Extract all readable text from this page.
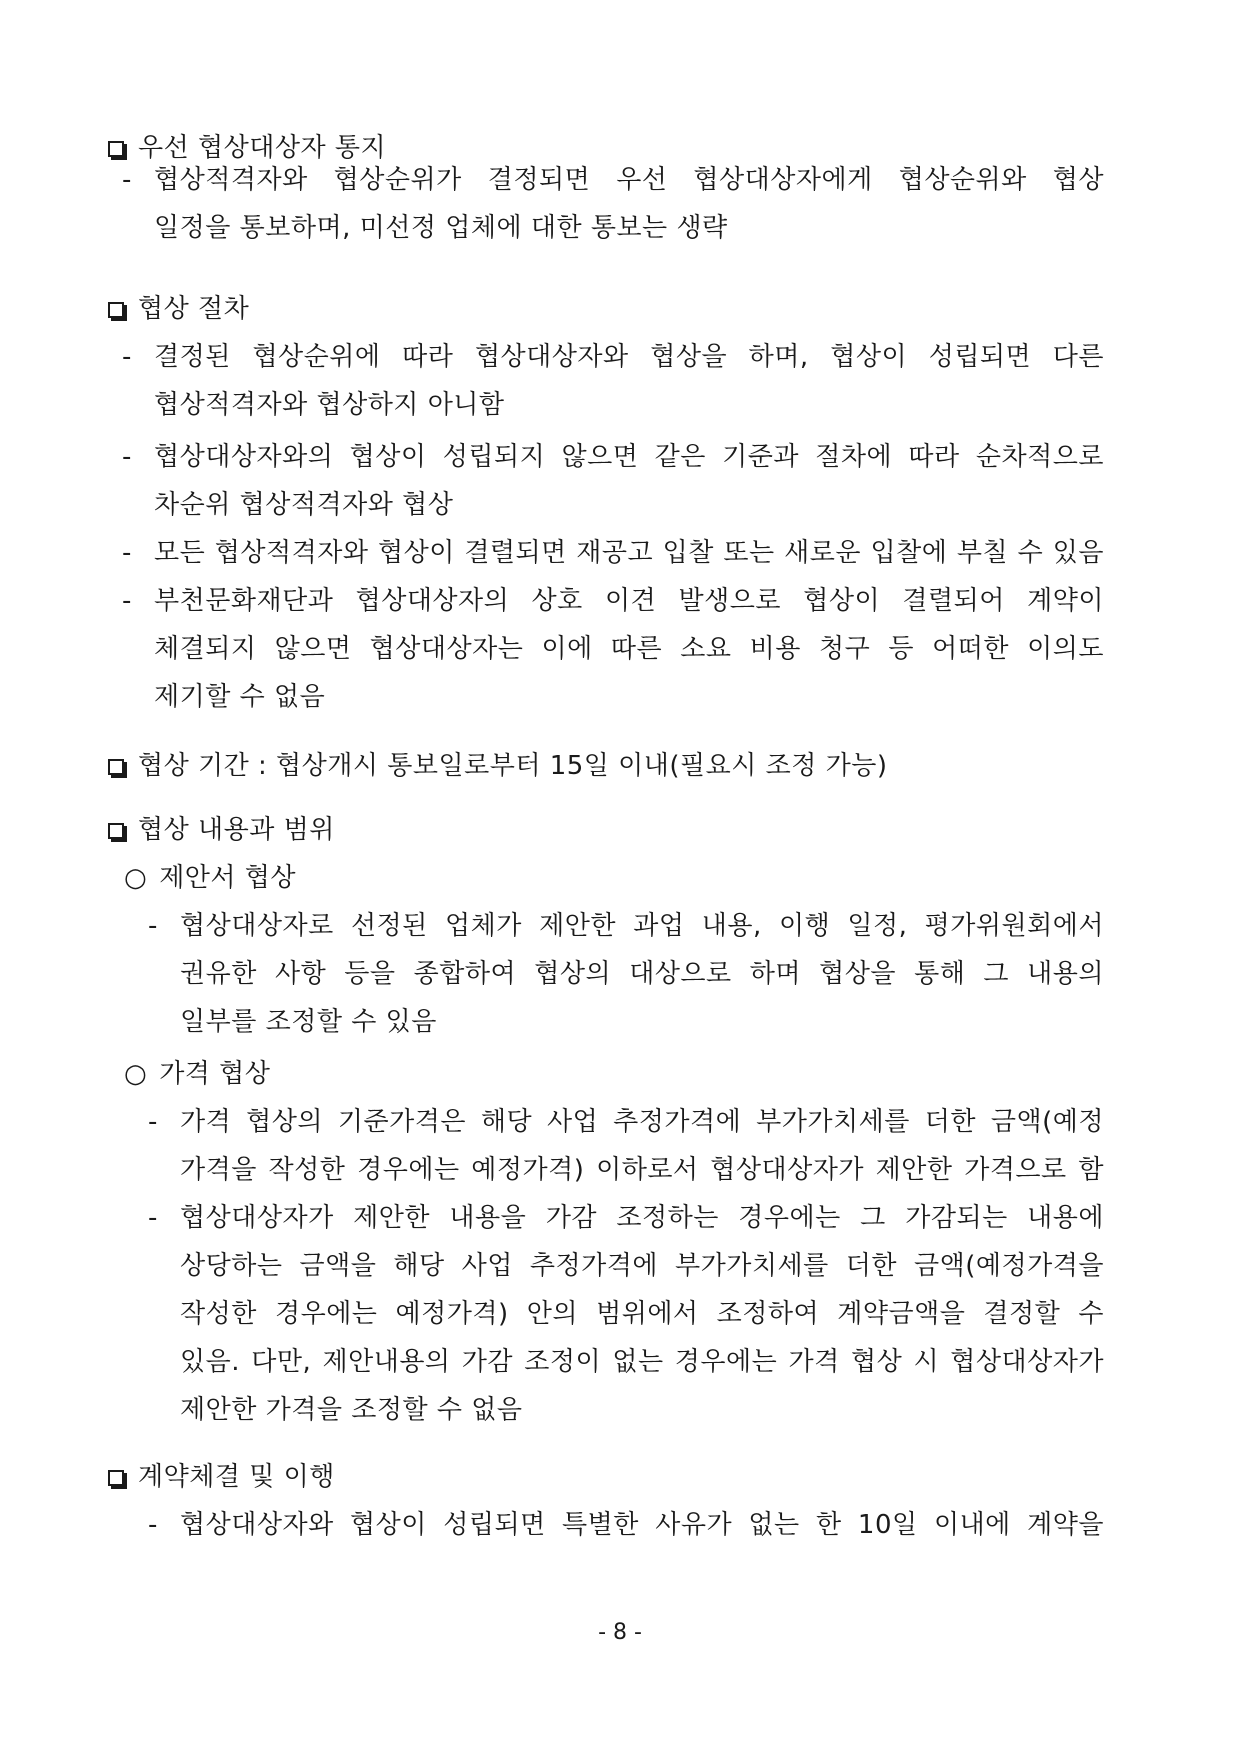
우선 협상대상자 통지

- 협상적격자와 협상순위가 결정되면 우선 협상대상자에게 협상순위와 협상

일정을 통보하며, 미선정 업체에 대한 통보는 생략

협상 절차

- 결정된 협상순위에 따라 협상대상자와 협상을 하며, 협상이 성립되면 다른

협상적격자와 협상하지 아니함

- 협상대상자와의 협상이 성립되지 않으면 같은 기준과 절차에 따라 순차적으로

차순위 협상적격자와 협상

- 모든 협상적격자와 협상이 결렬되면 재공고 입찰 또는 새로운 입찰에 부칠 수 있음

- 부천문화재단과 협상대상자의 상호 이견 발생으로 협상이 결렬되어 계약이

체결되지 않으면 협상대상자는 이에 따른 소요 비용 청구 등 어떠한 이의도

제기할 수 없음

협상 기간 : 협상개시 통보일로부터 15일 이내(필요시 조정 가능)

협상 내용과 범위

○ 제안서 협상

- 협상대상자로 선정된 업체가 제안한 과업 내용, 이행 일정, 평가위원회에서

권유한 사항 등을 종합하여 협상의 대상으로 하며 협상을 통해 그 내용의

일부를 조정할 수 있음

○ 가격 협상

- 가격 협상의 기준가격은 해당 사업 추정가격에 부가가치세를 더한 금액(예정

가격을 작성한 경우에는 예정가격) 이하로서 협상대상자가 제안한 가격으로 함

- 협상대상자가 제안한 내용을 가감 조정하는 경우에는 그 가감되는 내용에

상당하는 금액을 해당 사업 추정가격에 부가가치세를 더한 금액(예정가격을

작성한 경우에는 예정가격) 안의 범위에서 조정하여 계약금액을 결정할 수

있음. 다만, 제안내용의 가감 조정이 없는 경우에는 가격 협상 시 협상대상자가

제안한 가격을 조정할 수 없음

계약체결 및 이행

- 협상대상자와 협상이 성립되면 특별한 사유가 없는 한 10일 이내에 계약을

- 8 -
